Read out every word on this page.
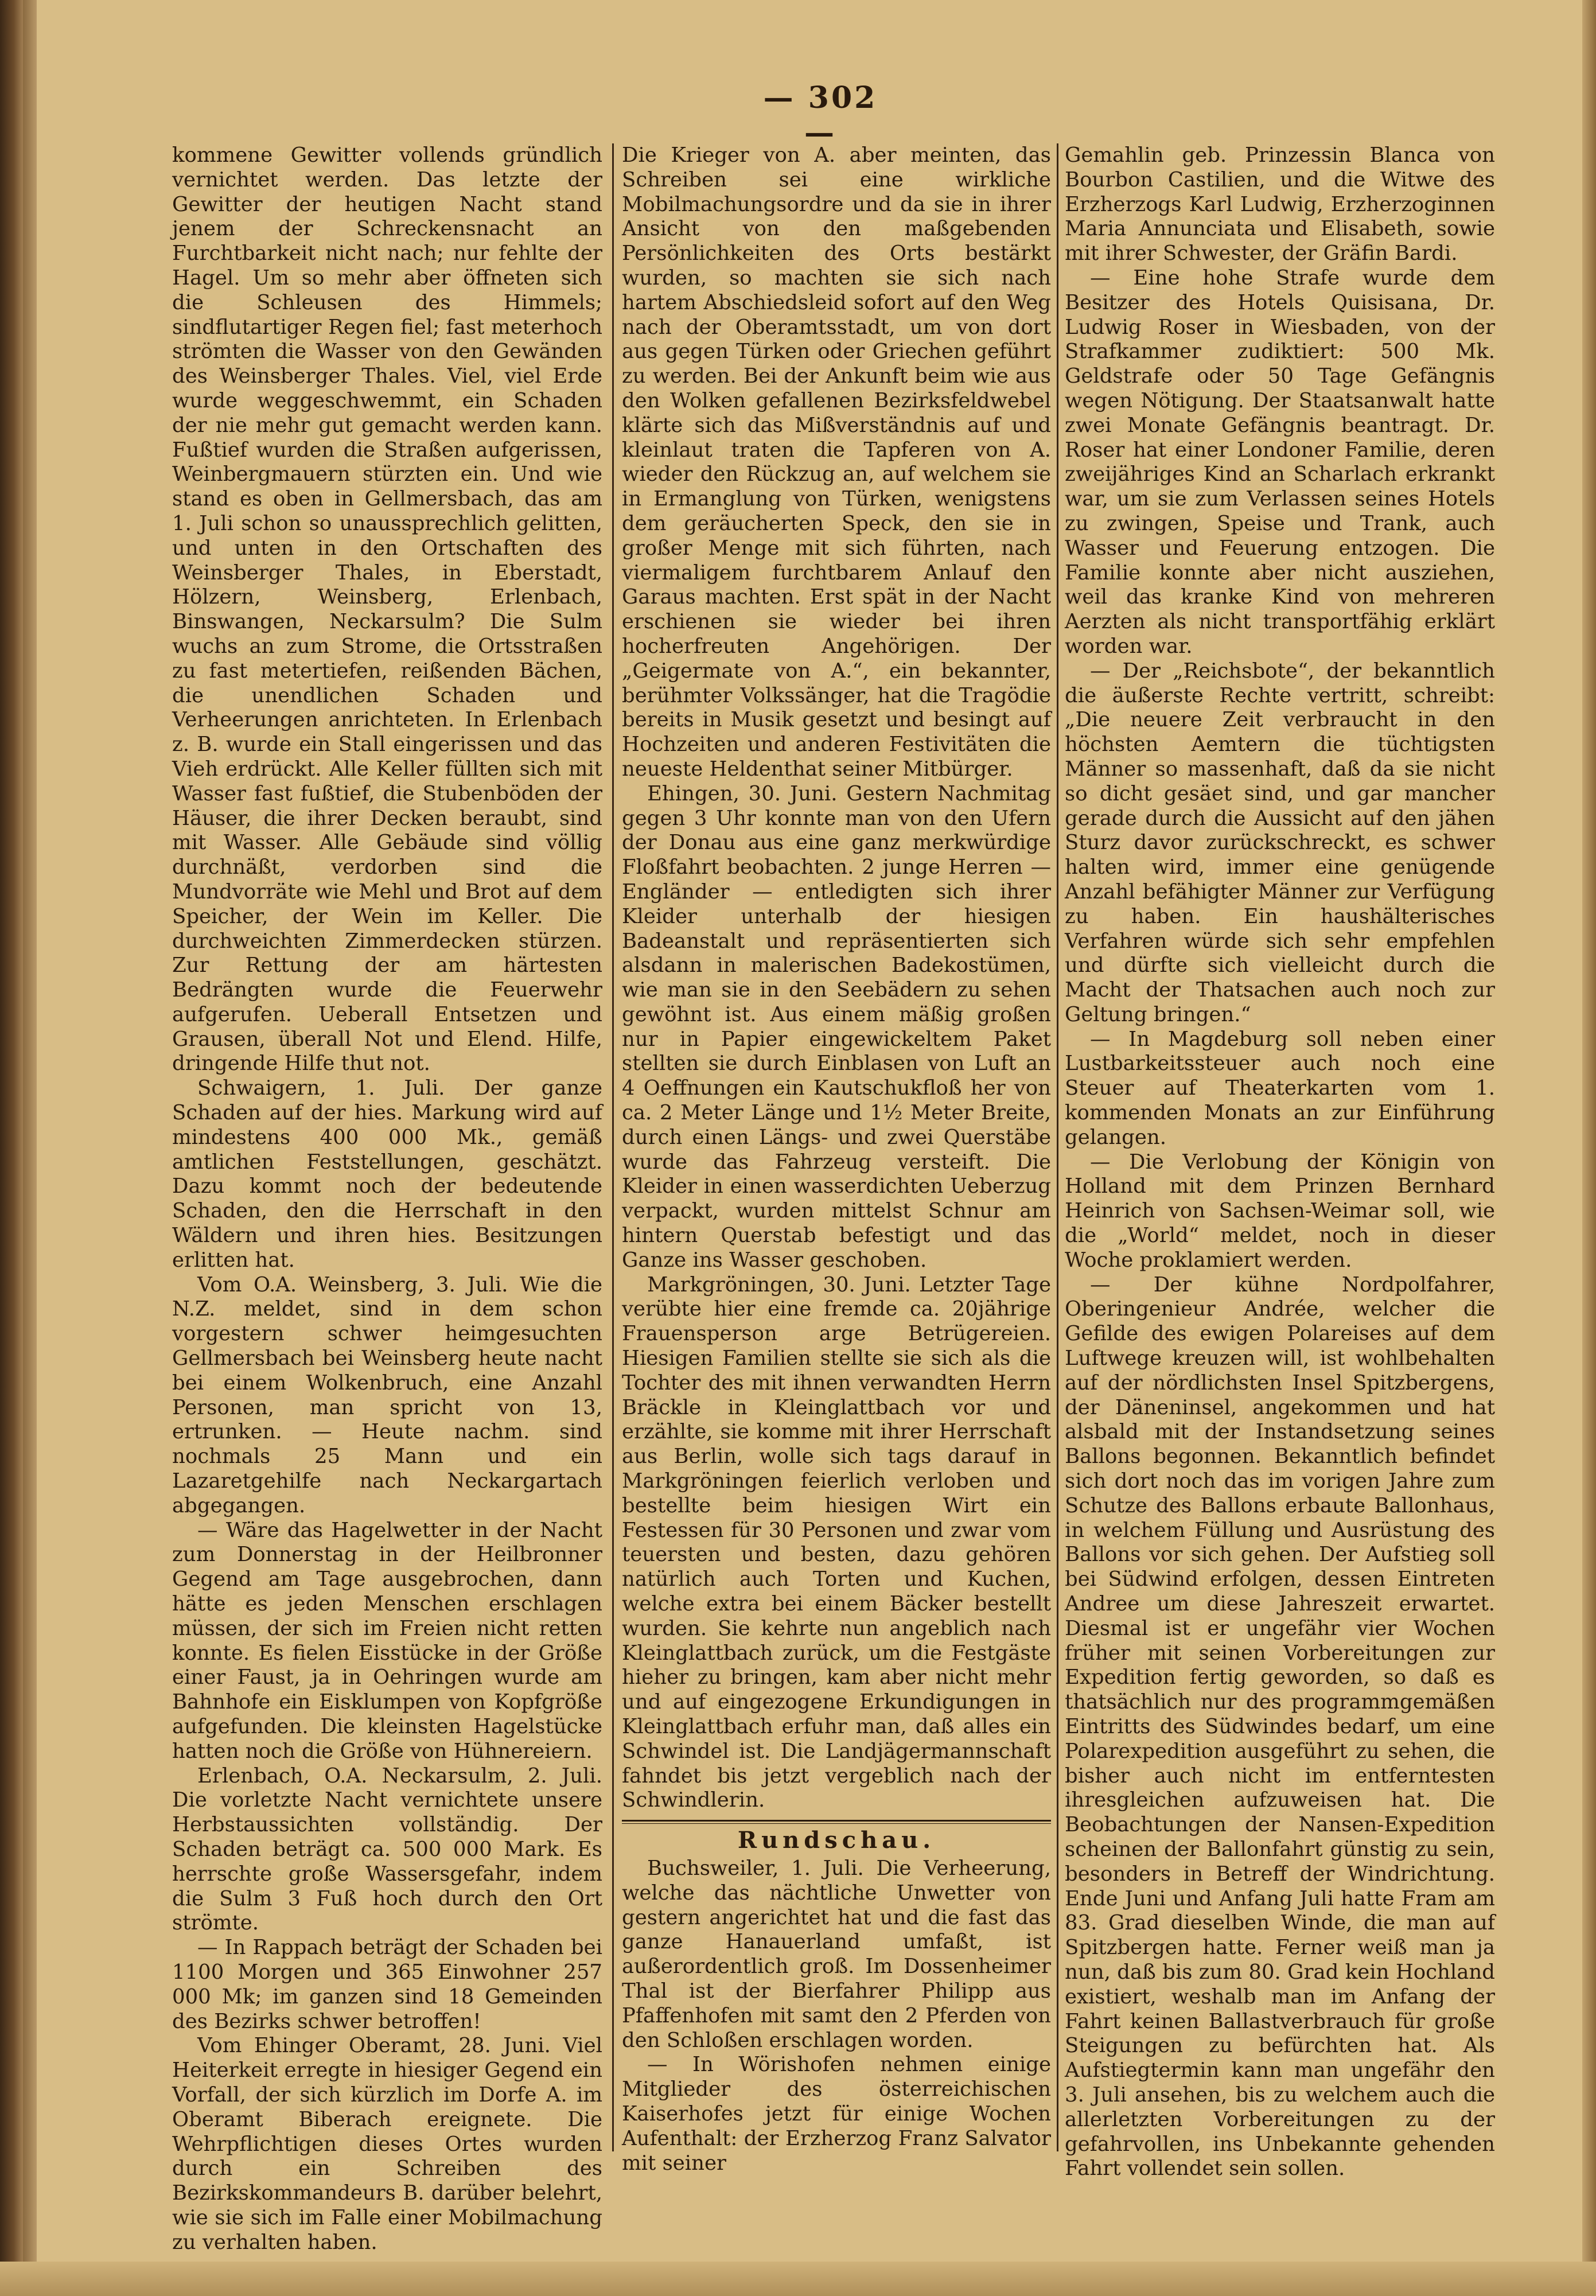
— 302 —

kommene Gewitter vollends gründlich vernichtet werden. Das letzte der Gewitter der heutigen Nacht stand jenem der Schreckensnacht an Furchtbarkeit nicht nach; nur fehlte der Hagel. Um so mehr aber öffneten sich die Schleusen des Himmels; sindflutartiger Regen fiel; fast meterhoch strömten die Wasser von den Gewänden des Weinsberger Thales. Viel, viel Erde wurde weggeschwemmt, ein Schaden der nie mehr gut gemacht werden kann. Fußtief wurden die Straßen aufgerissen, Weinbergmauern stürzten ein. Und wie stand es oben in Gellmersbach, das am 1. Juli schon so unaussprechlich gelitten, und unten in den Ortschaften des Weinsberger Thales, in Eberstadt, Hölzern, Weinsberg, Erlenbach, Binswangen, Neckarsulm? Die Sulm wuchs an zum Strome, die Ortsstraßen zu fast metertiefen, reißenden Bächen, die unendlichen Schaden und Verheerungen anrichteten. In Erlenbach z. B. wurde ein Stall eingerissen und das Vieh erdrückt. Alle Keller füllten sich mit Wasser fast fußtief, die Stubenböden der Häuser, die ihrer Decken beraubt, sind mit Wasser. Alle Gebäude sind völlig durchnäßt, verdorben sind die Mundvorräte wie Mehl und Brot auf dem Speicher, der Wein im Keller. Die durchweichten Zimmerdecken stürzen. Zur Rettung der am härtesten Bedrängten wurde die Feuerwehr aufgerufen. Ueberall Entsetzen und Grausen, überall Not und Elend. Hilfe, dringende Hilfe thut not.

Schwaigern, 1. Juli. Der ganze Schaden auf der hies. Markung wird auf mindestens 400 000 Mk., gemäß amtlichen Feststellungen, geschätzt. Dazu kommt noch der bedeutende Schaden, den die Herrschaft in den Wäldern und ihren hies. Besitzungen erlitten hat.

Vom O.A. Weinsberg, 3. Juli. Wie die N.Z. meldet, sind in dem schon vorgestern schwer heimgesuchten Gellmersbach bei Weinsberg heute nacht bei einem Wolkenbruch, eine Anzahl Personen, man spricht von 13, ertrunken. — Heute nachm. sind nochmals 25 Mann und ein Lazaretgehilfe nach Neckargartach abgegangen.

— Wäre das Hagelwetter in der Nacht zum Donnerstag in der Heilbronner Gegend am Tage ausgebrochen, dann hätte es jeden Menschen erschlagen müssen, der sich im Freien nicht retten konnte. Es fielen Eisstücke in der Größe einer Faust, ja in Oehringen wurde am Bahnhofe ein Eisklumpen von Kopfgröße aufgefunden. Die kleinsten Hagelstücke hatten noch die Größe von Hühnereiern.

Erlenbach, O.A. Neckarsulm, 2. Juli. Die vorletzte Nacht vernichtete unsere Herbstaussichten vollständig. Der Schaden beträgt ca. 500 000 Mark. Es herrschte große Wassersgefahr, indem die Sulm 3 Fuß hoch durch den Ort strömte.

— In Rappach beträgt der Schaden bei 1100 Morgen und 365 Einwohner 257 000 Mk; im ganzen sind 18 Gemeinden des Bezirks schwer betroffen!

Vom Ehinger Oberamt, 28. Juni. Viel Heiterkeit erregte in hiesiger Gegend ein Vorfall, der sich kürzlich im Dorfe A. im Oberamt Biberach ereignete. Die Wehrpflichtigen dieses Ortes wurden durch ein Schreiben des Bezirkskommandeurs B. darüber belehrt, wie sie sich im Falle einer Mobilmachung zu verhalten haben.

Die Krieger von A. aber meinten, das Schreiben sei eine wirkliche Mobilmachungsordre und da sie in ihrer Ansicht von den maßgebenden Persönlichkeiten des Orts bestärkt wurden, so machten sie sich nach hartem Abschiedsleid sofort auf den Weg nach der Oberamtsstadt, um von dort aus gegen Türken oder Griechen geführt zu werden. Bei der Ankunft beim wie aus den Wolken gefallenen Bezirksfeldwebel klärte sich das Mißverständnis auf und kleinlaut traten die Tapferen von A. wieder den Rückzug an, auf welchem sie in Ermanglung von Türken, wenigstens dem geräucherten Speck, den sie in großer Menge mit sich führten, nach viermaligem furchtbarem Anlauf den Garaus machten. Erst spät in der Nacht erschienen sie wieder bei ihren hocherfreuten Angehörigen. Der „Geigermate von A.“, ein bekannter, berühmter Volkssänger, hat die Tragödie bereits in Musik gesetzt und besingt auf Hochzeiten und anderen Festivitäten die neueste Heldenthat seiner Mitbürger.

Ehingen, 30. Juni. Gestern Nachmitag gegen 3 Uhr konnte man von den Ufern der Donau aus eine ganz merkwürdige Floßfahrt beobachten. 2 junge Herren — Engländer — entledigten sich ihrer Kleider unterhalb der hiesigen Badeanstalt und repräsentierten sich alsdann in malerischen Badekostümen, wie man sie in den Seebädern zu sehen gewöhnt ist. Aus einem mäßig großen nur in Papier eingewickeltem Paket stellten sie durch Einblasen von Luft an 4 Oeffnungen ein Kautschukfloß her von ca. 2 Meter Länge und 1½ Meter Breite, durch einen Längs- und zwei Querstäbe wurde das Fahrzeug versteift. Die Kleider in einen wasserdichten Ueberzug verpackt, wurden mittelst Schnur am hintern Querstab befestigt und das Ganze ins Wasser geschoben.

Markgröningen, 30. Juni. Letzter Tage verübte hier eine fremde ca. 20jährige Frauensperson arge Betrügereien. Hiesigen Familien stellte sie sich als die Tochter des mit ihnen verwandten Herrn Bräckle in Kleinglattbach vor und erzählte, sie komme mit ihrer Herrschaft aus Berlin, wolle sich tags darauf in Markgröningen feierlich verloben und bestellte beim hiesigen Wirt ein Festessen für 30 Personen und zwar vom teuersten und besten, dazu gehören natürlich auch Torten und Kuchen, welche extra bei einem Bäcker bestellt wurden. Sie kehrte nun angeblich nach Kleinglattbach zurück, um die Festgäste hieher zu bringen, kam aber nicht mehr und auf eingezogene Erkundigungen in Kleinglattbach erfuhr man, daß alles ein Schwindel ist. Die Landjägermannschaft fahndet bis jetzt vergeblich nach der Schwindlerin.

Rundschau.

Buchsweiler, 1. Juli. Die Verheerung, welche das nächtliche Unwetter von gestern angerichtet hat und die fast das ganze Hanauerland umfaßt, ist außerordentlich groß. Im Dossenheimer Thal ist der Bierfahrer Philipp aus Pfaffenhofen mit samt den 2 Pferden von den Schloßen erschlagen worden.

— In Wörishofen nehmen einige Mitglieder des österreichischen Kaiserhofes jetzt für einige Wochen Aufenthalt: der Erzherzog Franz Salvator mit seiner

Gemahlin geb. Prinzessin Blanca von Bourbon Castilien, und die Witwe des Erzherzogs Karl Ludwig, Erzherzoginnen Maria Annunciata und Elisabeth, sowie mit ihrer Schwester, der Gräfin Bardi.

— Eine hohe Strafe wurde dem Besitzer des Hotels Quisisana, Dr. Ludwig Roser in Wiesbaden, von der Strafkammer zudiktiert: 500 Mk. Geldstrafe oder 50 Tage Gefängnis wegen Nötigung. Der Staatsanwalt hatte zwei Monate Gefängnis beantragt. Dr. Roser hat einer Londoner Familie, deren zweijähriges Kind an Scharlach erkrankt war, um sie zum Verlassen seines Hotels zu zwingen, Speise und Trank, auch Wasser und Feuerung entzogen. Die Familie konnte aber nicht ausziehen, weil das kranke Kind von mehreren Aerzten als nicht transportfähig erklärt worden war.

— Der „Reichsbote“, der bekanntlich die äußerste Rechte vertritt, schreibt: „Die neuere Zeit verbraucht in den höchsten Aemtern die tüchtigsten Männer so massenhaft, daß da sie nicht so dicht gesäet sind, und gar mancher gerade durch die Aussicht auf den jähen Sturz davor zurückschreckt, es schwer halten wird, immer eine genügende Anzahl befähigter Männer zur Verfügung zu haben. Ein haushälterisches Verfahren würde sich sehr empfehlen und dürfte sich vielleicht durch die Macht der Thatsachen auch noch zur Geltung bringen.“

— In Magdeburg soll neben einer Lustbarkeitssteuer auch noch eine Steuer auf Theaterkarten vom 1. kommenden Monats an zur Einführung gelangen.

— Die Verlobung der Königin von Holland mit dem Prinzen Bernhard Heinrich von Sachsen-Weimar soll, wie die „World“ meldet, noch in dieser Woche proklamiert werden.

— Der kühne Nordpolfahrer, Oberingenieur Andrée, welcher die Gefilde des ewigen Polareises auf dem Luftwege kreuzen will, ist wohlbehalten auf der nördlichsten Insel Spitzbergens, der Däneninsel, angekommen und hat alsbald mit der Instandsetzung seines Ballons begonnen. Bekanntlich befindet sich dort noch das im vorigen Jahre zum Schutze des Ballons erbaute Ballonhaus, in welchem Füllung und Ausrüstung des Ballons vor sich gehen. Der Aufstieg soll bei Südwind erfolgen, dessen Eintreten Andree um diese Jahreszeit erwartet. Diesmal ist er ungefähr vier Wochen früher mit seinen Vorbereitungen zur Expedition fertig geworden, so daß es thatsächlich nur des programmgemäßen Eintritts des Südwindes bedarf, um eine Polarexpedition ausgeführt zu sehen, die bisher auch nicht im entferntesten ihresgleichen aufzuweisen hat. Die Beobachtungen der Nansen-Expedition scheinen der Ballonfahrt günstig zu sein, besonders in Betreff der Windrichtung. Ende Juni und Anfang Juli hatte Fram am 83. Grad dieselben Winde, die man auf Spitzbergen hatte. Ferner weiß man ja nun, daß bis zum 80. Grad kein Hochland existiert, weshalb man im Anfang der Fahrt keinen Ballastverbrauch für große Steigungen zu befürchten hat. Als Aufstiegtermin kann man ungefähr den 3. Juli ansehen, bis zu welchem auch die allerletzten Vorbereitungen zu der gefahrvollen, ins Unbekannte gehenden Fahrt vollendet sein sollen.
